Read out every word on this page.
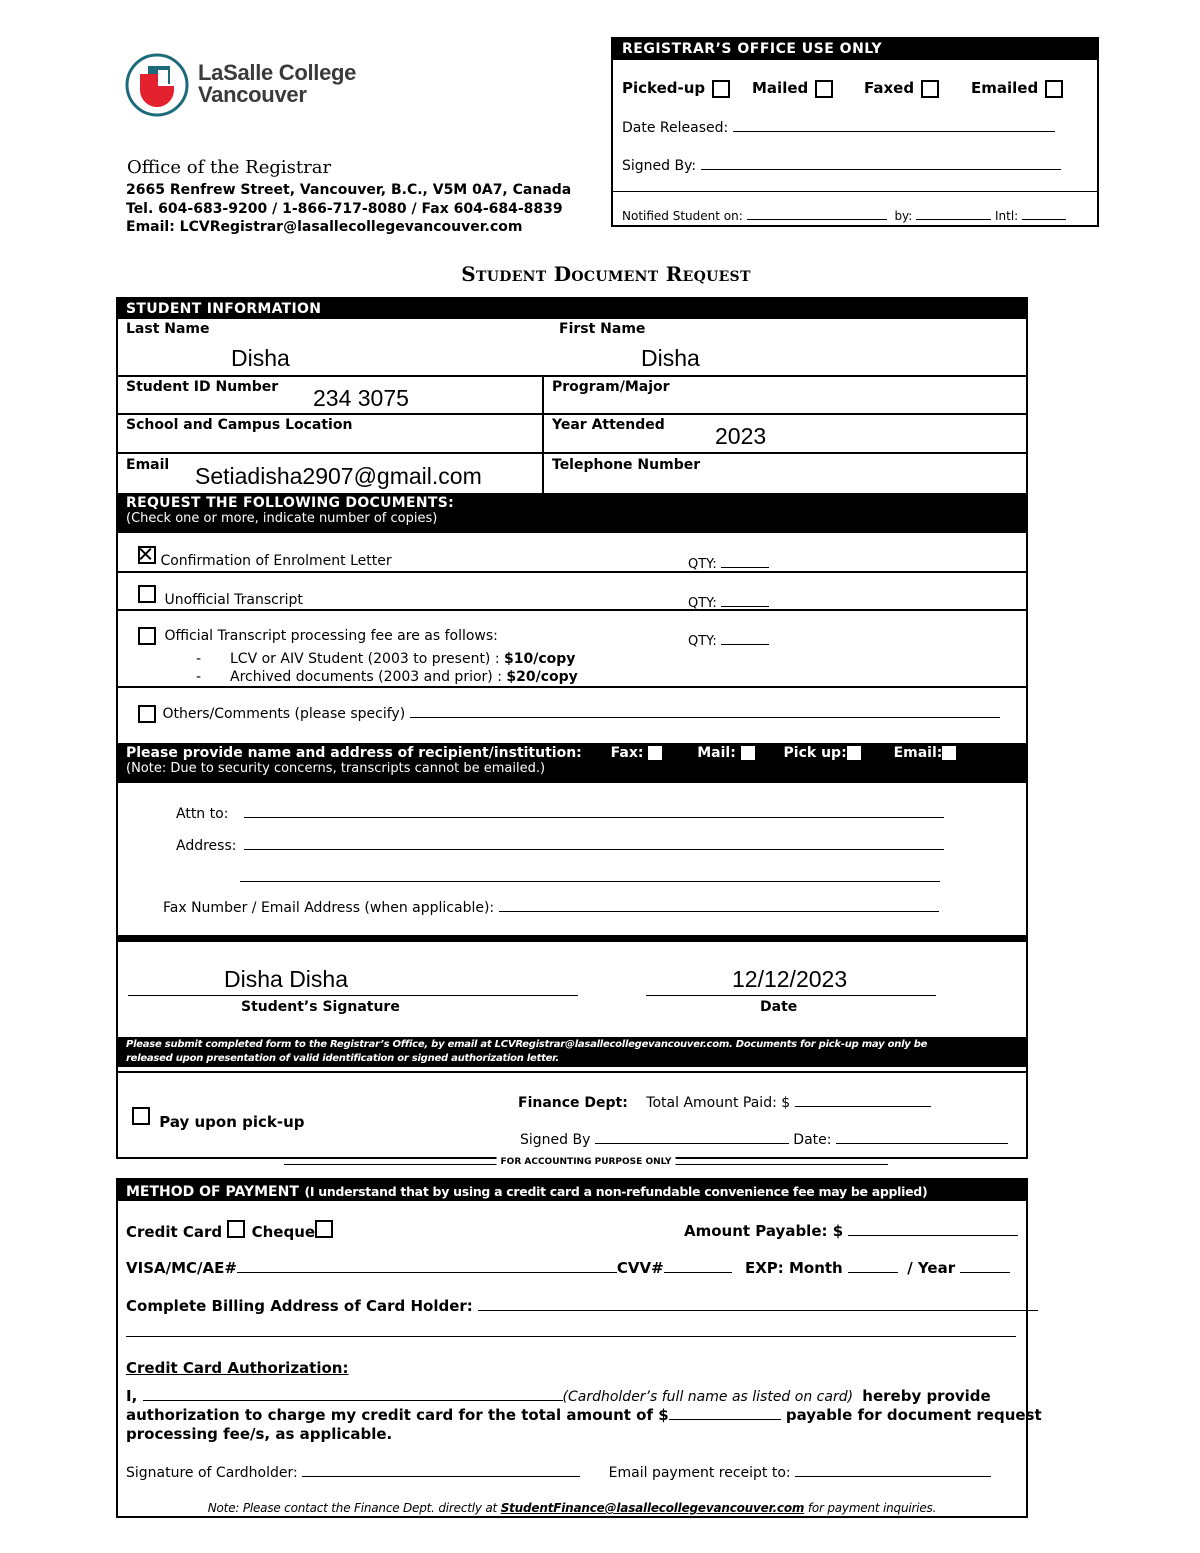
LaSalle College
Vancouver
Office of the Registrar
2665 Renfrew Street, Vancouver, B.C., V5M 0A7, Canada
Tel. 604-683-9200 / 1-866-717-8080 / Fax 604-684-8839
Email: LCVRegistrar@lasallecollegevancouver.com
REGISTRAR’S OFFICE USE ONLY
Picked-up	Mailed	Faxed	Emailed
Date Released:
Signed By:
Notified Student on:	by:	Intl:
Student Document Request
STUDENT INFORMATION
Last Name
Disha
First Name
Disha
Student ID Number 234 3075	Program/Major
School and Campus Location	Year Attended 2023
Email Setiadisha2907@gmail.com	Telephone Number
REQUEST THE FOLLOWING DOCUMENTS:
(Check one or more, indicate number of copies)
Confirmation of Enrolment Letter	QTY:
Unofficial Transcript	QTY:
Official Transcript processing fee are as follows:	QTY:
- LCV or AIV Student (2003 to present) : $10/copy
- Archived documents (2003 and prior) : $20/copy
Others/Comments (please specify)
Please provide name and address of recipient/institution: Fax:	Mail:	Pick up:	Email:
(Note: Due to security concerns, transcripts cannot be emailed.)
Attn to:
Address:
Fax Number / Email Address (when applicable):
Disha Disha
Student’s Signature
12/12/2023
Date
Please submit completed form to the Registrar’s Office, by email at LCVRegistrar@lasallecollegevancouver.com. Documents for pick-up may only be
released upon presentation of valid identification or signed authorization letter.
Pay upon pick-up
Finance Dept: Total Amount Paid: $
Signed By	Date:
FOR ACCOUNTING PURPOSE ONLY
METHOD OF PAYMENT (I understand that by using a credit card a non-refundable convenience fee may be applied)
Credit Card Cheque	Amount Payable: $
VISA/MC/AE#	CVV#	EXP: Month	/ Year
Complete Billing Address of Card Holder:
Credit Card Authorization:
I,	(Cardholder’s full name as listed on card) hereby provide
authorization to charge my credit card for the total amount of $	payable for document request
processing fee/s, as applicable.
Signature of Cardholder:	Email payment receipt to:
Note: Please contact the Finance Dept. directly at StudentFinance@lasallecollegevancouver.com for payment inquiries.
